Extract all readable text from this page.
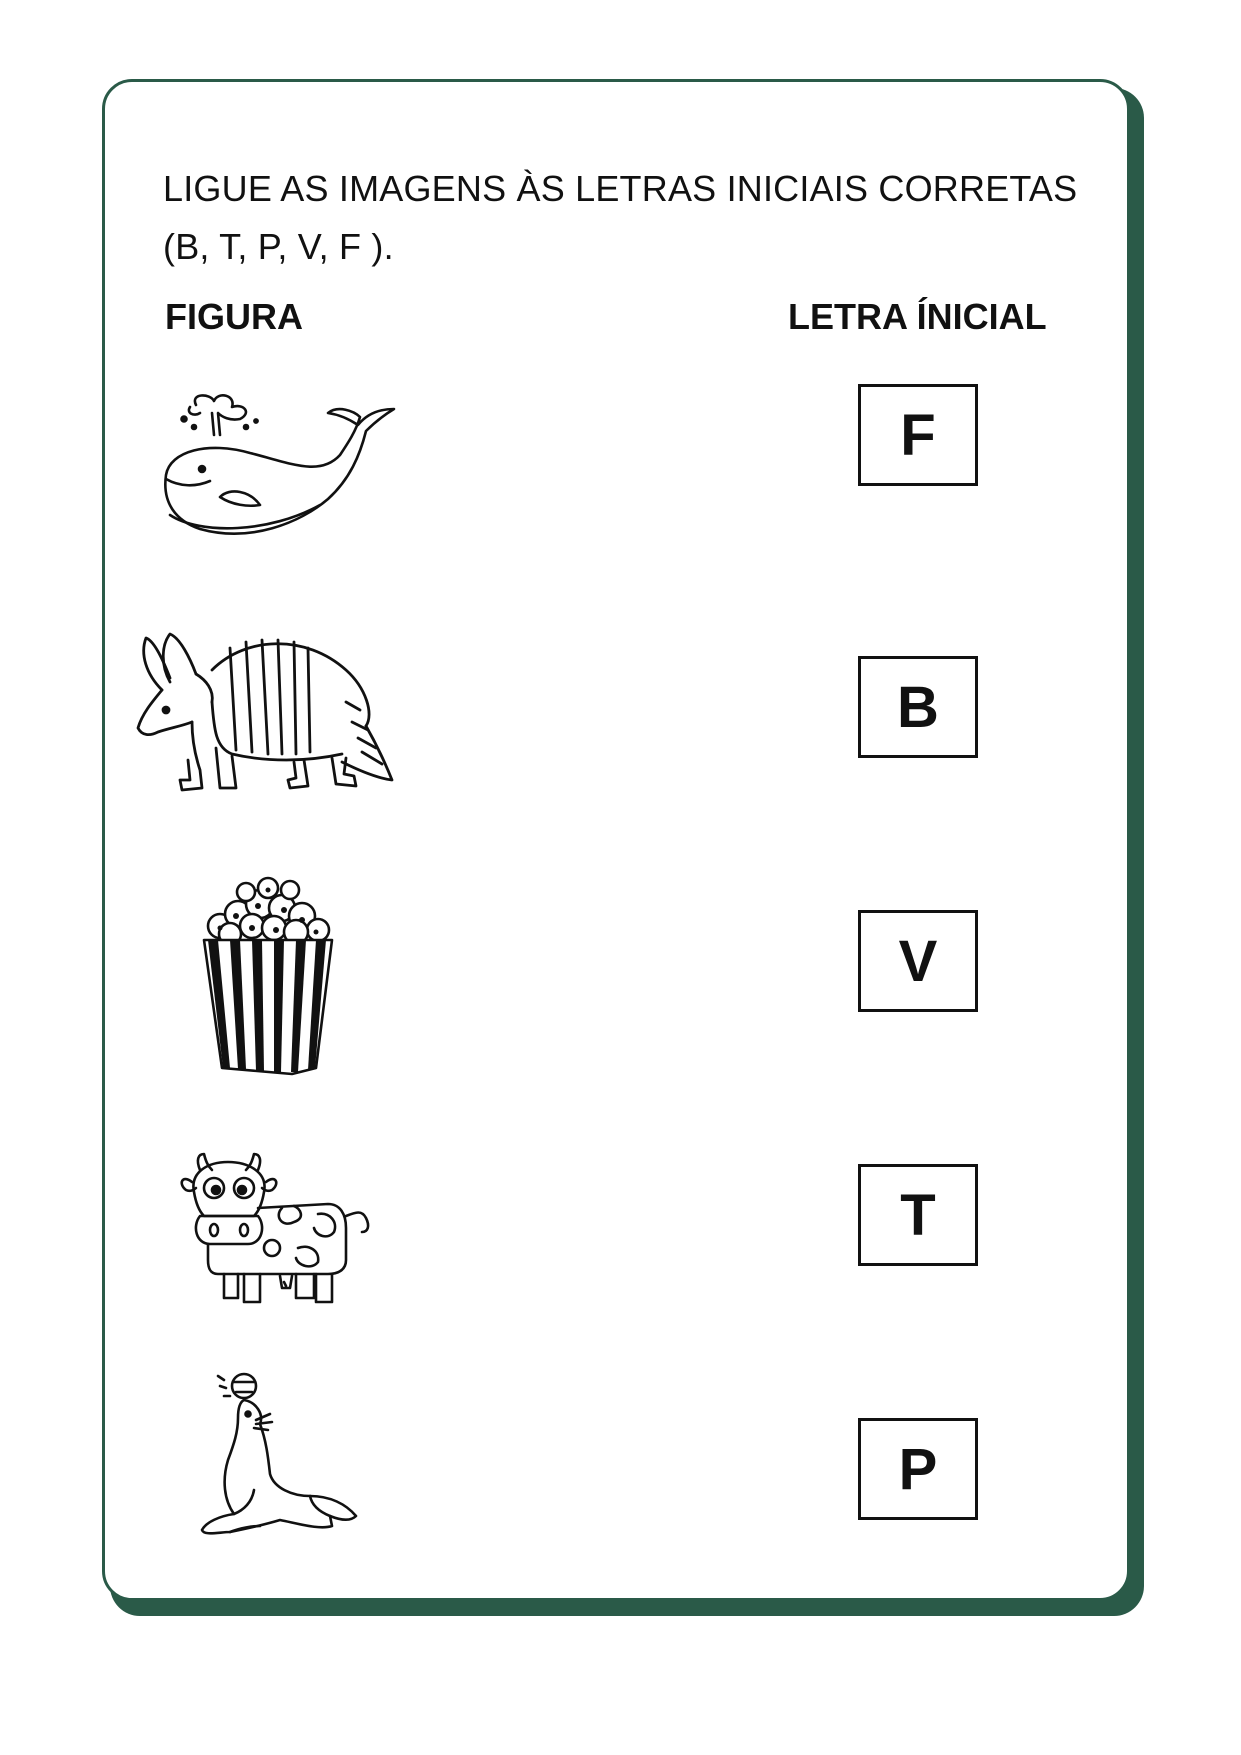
LIGUE AS IMAGENS ÀS LETRAS INICIAIS CORRETAS (B, T, P, V, F ).

FIGURA	LETRA ÍNICIAL
F
B
V
T
P
